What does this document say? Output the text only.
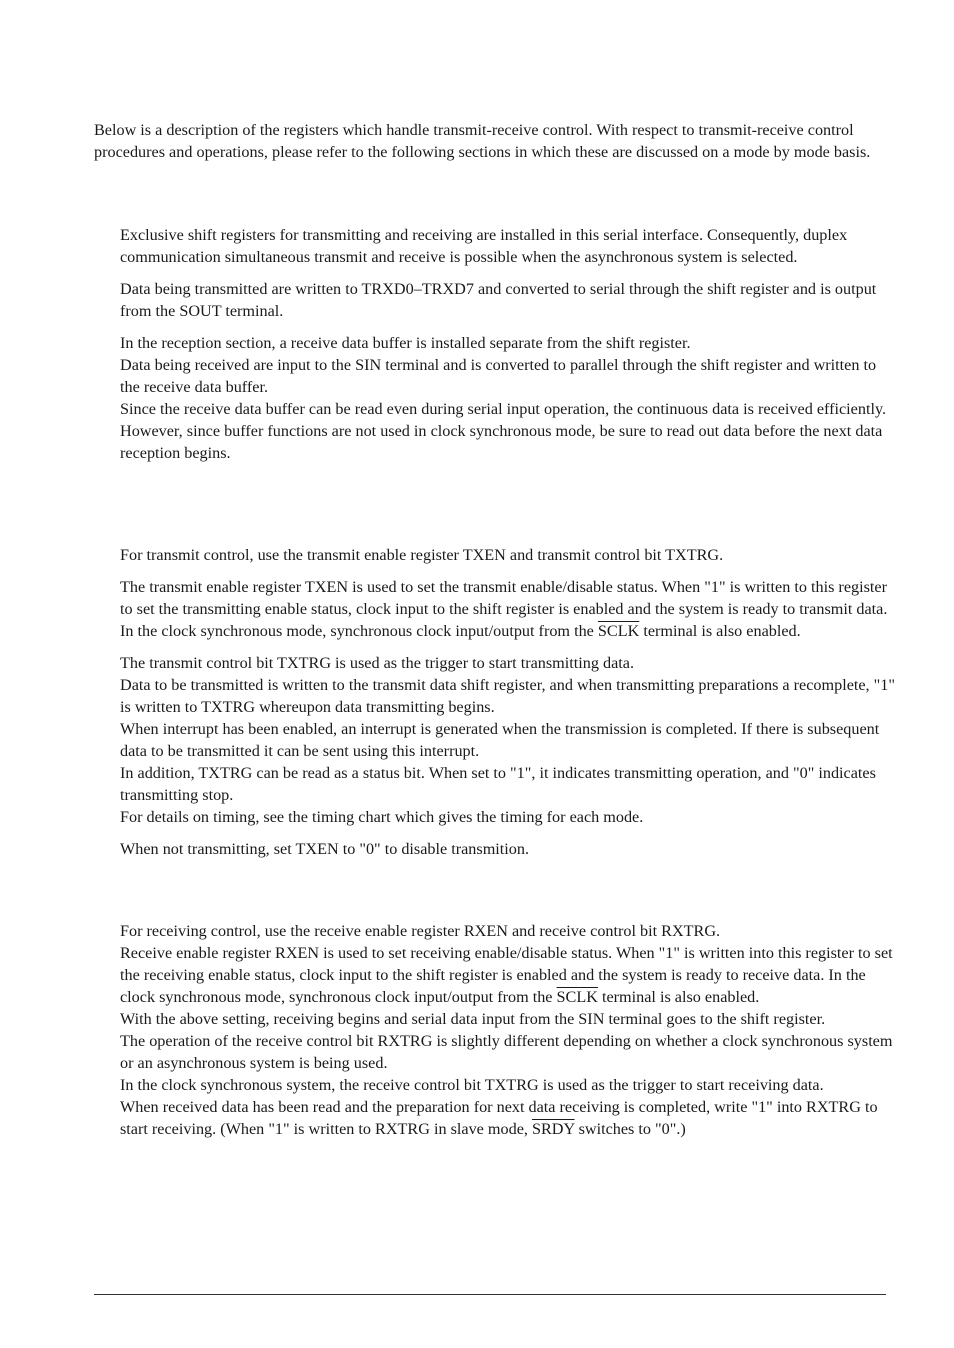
Below is a description of the registers which handle transmit-receive control. With respect to transmit-receive control procedures and operations, please refer to the following sections in which these are discussed on a mode by mode basis.

Exclusive shift registers for transmitting and receiving are installed in this serial interface. Consequently, duplex communication simultaneous transmit and receive is possible when the asynchronous system is selected.

Data being transmitted are written to TRXD0–TRXD7 and converted to serial through the shift register and is output from the SOUT terminal.

In the reception section, a receive data buffer is installed separate from the shift register.

Data being received are input to the SIN terminal and is converted to parallel through the shift register and written to the receive data buffer.

Since the receive data buffer can be read even during serial input operation, the continuous data is received efficiently.

However, since buffer functions are not used in clock synchronous mode, be sure to read out data before the next data reception begins.

For transmit control, use the transmit enable register TXEN and transmit control bit TXTRG.

The transmit enable register TXEN is used to set the transmit enable/disable status. When "1" is written to this register to set the transmitting enable status, clock input to the shift register is enabled and the system is ready to transmit data. In the clock synchronous mode, synchronous clock input/output from the SCLK terminal is also enabled.

The transmit control bit TXTRG is used as the trigger to start transmitting data.

Data to be transmitted is written to the transmit data shift register, and when transmitting preparations a recomplete, "1" is written to TXTRG whereupon data transmitting begins.

When interrupt has been enabled, an interrupt is generated when the transmission is completed. If there is subsequent data to be transmitted it can be sent using this interrupt.

In addition, TXTRG can be read as a status bit. When set to "1", it indicates transmitting operation, and "0" indicates transmitting stop.

For details on timing, see the timing chart which gives the timing for each mode.

When not transmitting, set TXEN to "0" to disable transmition.

For receiving control, use the receive enable register RXEN and receive control bit RXTRG.

Receive enable register RXEN is used to set receiving enable/disable status. When "1" is written into this register to set the receiving enable status, clock input to the shift register is enabled and the system is ready to receive data. In the clock synchronous mode, synchronous clock input/output from the SCLK terminal is also enabled.

With the above setting, receiving begins and serial data input from the SIN terminal goes to the shift register.

The operation of the receive control bit RXTRG is slightly different depending on whether a clock synchronous system or an asynchronous system is being used.

In the clock synchronous system, the receive control bit TXTRG is used as the trigger to start receiving data.

When received data has been read and the preparation for next data receiving is completed, write "1" into RXTRG to start receiving. (When "1" is written to RXTRG in slave mode, SRDY switches to "0".)
